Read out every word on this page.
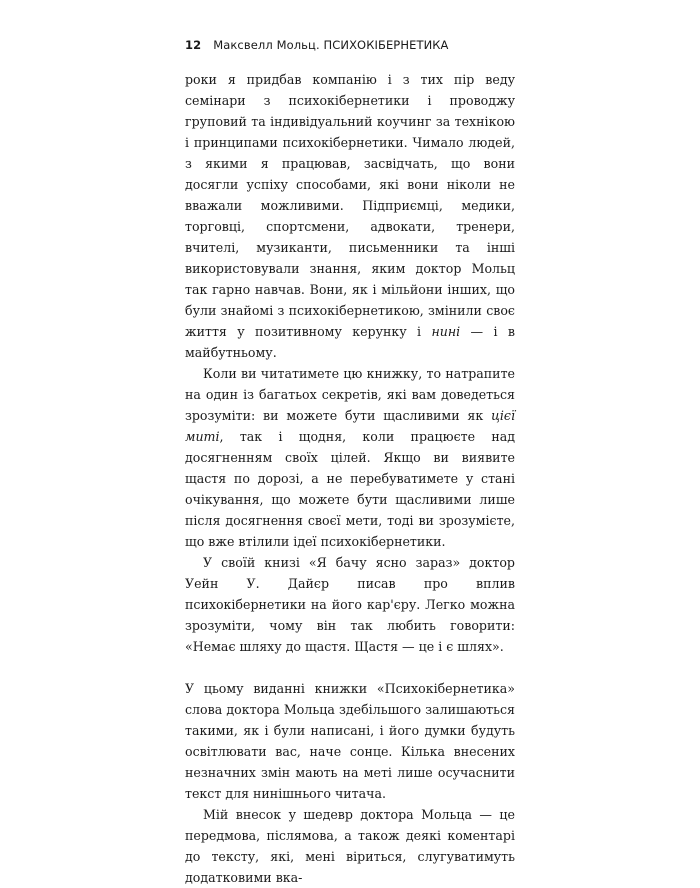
12 Максвелл Мольц. ПСИХОКІБЕРНЕТИКА

роки я придбав компанію і з тих пір веду семінари з психокібернетики і проводжу груповий та індивідуальний коучинг за технікою і принципами психокібернетики. Чимало людей, з якими я працював, засвідчать, що вони досягли успіху способами, які вони ніколи не вважали можливими. Підприємці, медики, торговці, спортсмени, адвокати, тренери, вчителі, музиканти, письменники та інші використовували знання, яким доктор Мольц так гарно навчав. Вони, як і мільйони інших, що були знайомі з психокібернетикою, змінили своє життя у позитивному керунку і нині — і в майбутньому.

Коли ви читатимете цю книжку, то натрапите на один із багатьох секретів, які вам доведеться зрозуміти: ви можете бути щасливими як цієї миті, так і щодня, коли працюєте над досягненням своїх цілей. Якщо ви виявите щастя по дорозі, а не перебуватимете у стані очікування, що можете бути щасливими лише після досягнення своєї мети, тоді ви зрозумієте, що вже втілили ідеї психокібернетики.

У своїй книзі «Я бачу ясно зараз» доктор Уейн У. Дайєр писав про вплив психокібернетики на його кар'єру. Легко можна зрозуміти, чому він так любить говорити: «Немає шляху до щастя. Щастя — це і є шлях».

У цьому виданні книжки «Психокібернетика» слова доктора Мольца здебільшого залишаються такими, як і були написані, і його думки будуть освітлювати вас, наче сонце. Кілька внесених незначних змін мають на меті лише осучаснити текст для нинішнього читача.

Мій внесок у шедевр доктора Мольца — це передмова, післямова, а також деякі коментарі до тексту, які, мені віриться, слугуватимуть додатковими вка-
